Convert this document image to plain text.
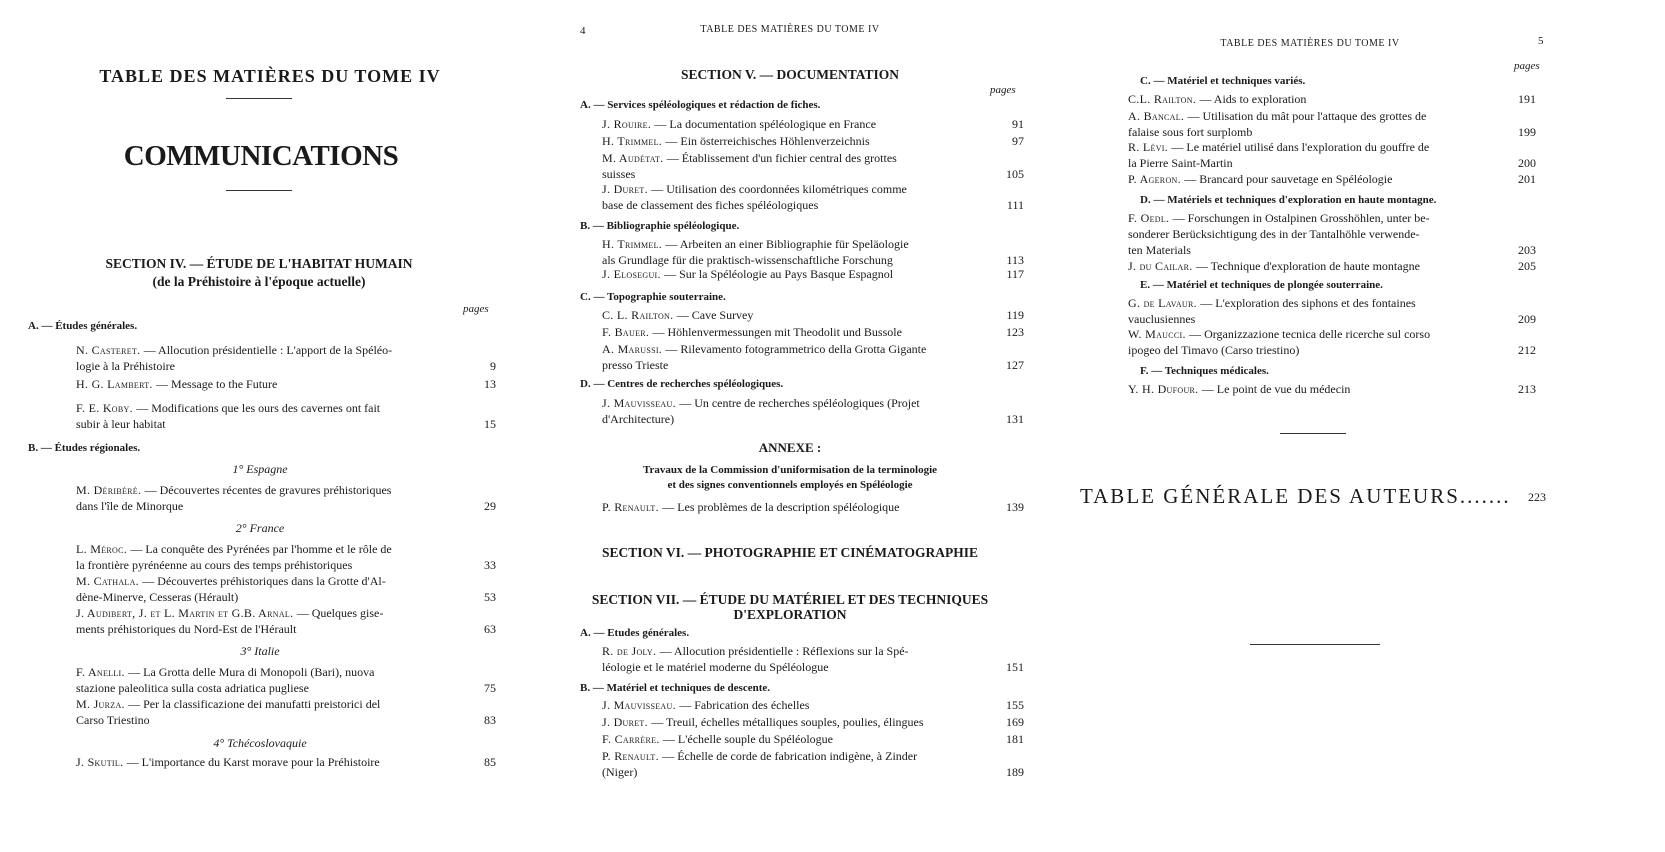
TABLE DES MATIÈRES DU TOME IV
COMMUNICATIONS
SECTION IV. — ÉTUDE DE L'HABITAT HUMAIN
(de la Préhistoire à l'époque actuelle)
pages
A. — Études générales.
N. Casteret. — Allocution présidentielle : L'apport de la Spéléo-
logie à la Préhistoire	9
H. G. Lambert. — Message to the Future	13
F. E. Koby. — Modifications que les ours des cavernes ont fait
subir à leur habitat	15
B. — Études régionales.
1° Espagne
M. Déribéré. — Découvertes récentes de gravures préhistoriques
dans l'île de Minorque	29
2° France
L. Méroc. — La conquête des Pyrénées par l'homme et le rôle de
la frontière pyrénéenne au cours des temps préhistoriques	33
M. Cathala. — Découvertes préhistoriques dans la Grotte d'Al-
dène-Minerve, Cesseras (Hérault)	53
J. Audibert, J. et L. Martin et G.B. Arnal. — Quelques gise-
ments préhistoriques du Nord-Est de l'Hérault	63
3° Italie
F. Anelli. — La Grotta delle Mura di Monopoli (Bari), nuova
stazione paleolitica sulla costa adriatica pugliese	75
M. Jurza. — Per la classificazione dei manufatti preistorici del
Carso Triestino	83
4° Tchécoslovaquie
J. Skutil. — L'importance du Karst morave pour la Préhistoire	85
4	TABLE DES MATIÈRES DU TOME IV
SECTION V. — DOCUMENTATION
pages
A. — Services spéléologiques et rédaction de fiches.
J. Rouire. — La documentation spéléologique en France	91
H. Trimmel. — Ein österreichisches Höhlenverzeichnis	97
M. Audétat. — Établissement d'un fichier central des grottes
suisses	105
J. Duret. — Utilisation des coordonnées kilométriques comme
base de classement des fiches spéléologiques	111
B. — Bibliographie spéléologique.
H. Trimmel. — Arbeiten an einer Bibliographie für Speläologie
als Grundlage für die praktisch-wissenschaftliche Forschung	113
J. Elosegui. — Sur la Spéléologie au Pays Basque Espagnol	117
C. — Topographie souterraine.
C. L. Railton. — Cave Survey	119
F. Bauer. — Höhlenvermessungen mit Theodolit und Bussole	123
A. Marussi. — Rilevamento fotogrammetrico della Grotta Gigante
presso Trieste	127
D. — Centres de recherches spéléologiques.
J. Mauvisseau. — Un centre de recherches spéléologiques (Projet
d'Architecture)	131
ANNEXE :
Travaux de la Commission d'uniformisation de la terminologie
et des signes conventionnels employés en Spéléologie
P. Renault. — Les problèmes de la description spéléologique	139
SECTION VI. — PHOTOGRAPHIE ET CINÉMATOGRAPHIE
SECTION VII. — ÉTUDE DU MATÉRIEL ET DES TECHNIQUES
D'EXPLORATION
A. — Etudes générales.
R. de Joly. — Allocution présidentielle : Réflexions sur la Spé-
léologie et le matériel moderne du Spéléologue	151
B. — Matériel et techniques de descente.
J. Mauvisseau. — Fabrication des échelles	155
J. Duret. — Treuil, échelles métalliques souples, poulies, élingues	169
F. Carrère. — L'échelle souple du Spéléologue	181
P. Renault. — Échelle de corde de fabrication indigène, à Zinder
(Niger)	189
TABLE DES MATIÈRES DU TOME IV	5
pages
C. — Matériel et techniques variés.
C.L. Railton. — Aids to exploration	191
A. Bancal. — Utilisation du mât pour l'attaque des grottes de
falaise sous fort surplomb	199
R. Lévi. — Le matériel utilisé dans l'exploration du gouffre de
la Pierre Saint-Martin	200
P. Ageron. — Brancard pour sauvetage en Spéléologie	201
D. — Matériels et techniques d'exploration en haute montagne.
F. Oedl. — Forschungen in Ostalpinen Grosshöhlen, unter be-
sonderer Berücksichtigung des in der Tantalhöhle verwende-
ten Materials	203
J. du Cailar. — Technique d'exploration de haute montagne	205
E. — Matériel et techniques de plongée souterraine.
G. de Lavaur. — L'exploration des siphons et des fontaines
vauclusiennes	209
W. Maucci. — Organizzazione tecnica delle ricerche sul corso
ipogeo del Timavo (Carso triestino)	212
F. — Techniques médicales.
Y. H. Dufour. — Le point de vue du médecin	213
TABLE GÉNÉRALE DES AUTEURS....... 223
